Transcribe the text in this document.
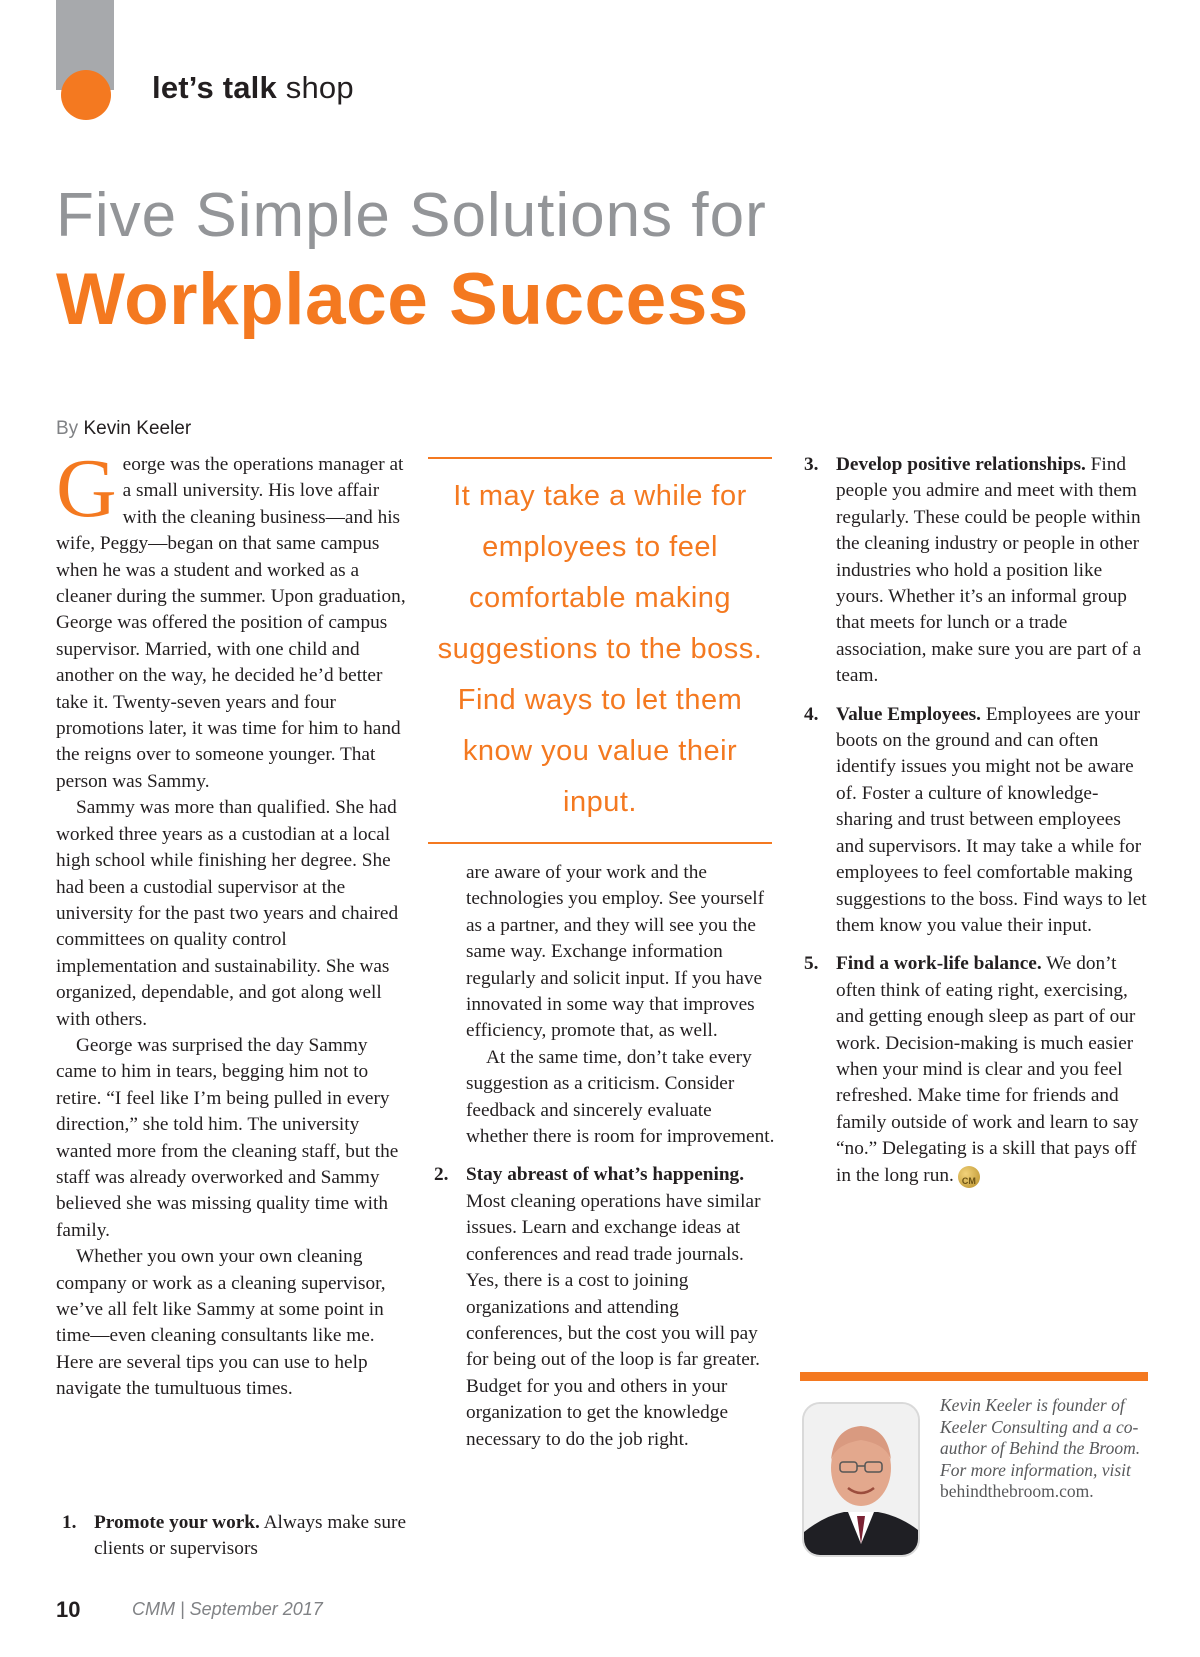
let’s talk shop
Five Simple Solutions for
Workplace Success
By Kevin Keeler

George was the operations manager at a small university. His love affair with the cleaning business—and his wife, Peggy—began on that same campus when he was a student and worked as a cleaner during the summer. Upon graduation, George was offered the position of campus supervisor. Married, with one child and another on the way, he decided he’d better take it. Twenty-seven years and four promotions later, it was time for him to hand the reigns over to someone younger. That person was Sammy.

Sammy was more than qualified. She had worked three years as a custodian at a local high school while finishing her degree. She had been a custodial supervisor at the university for the past two years and chaired committees on quality control implementation and sustainability. She was organized, dependable, and got along well with others.

George was surprised the day Sammy came to him in tears, begging him not to retire. “I feel like I’m being pulled in every direction,” she told him. The university wanted more from the cleaning staff, but the staff was already overworked and Sammy believed she was missing quality time with family.

Whether you own your own cleaning company or work as a cleaning supervisor, we’ve all felt like Sammy at some point in time—even cleaning consultants like me. Here are several tips you can use to help navigate the tumultuous times.

1. Promote your work. Always make sure clients or supervisors

It may take a while for employees to feel comfortable making suggestions to the boss. Find ways to let them know you value their input.

are aware of your work and the technologies you employ. See yourself as a partner, and they will see you the same way. Exchange information regularly and solicit input. If you have innovated in some way that improves efficiency, promote that, as well.

At the same time, don’t take every suggestion as a criticism. Consider feedback and sincerely evaluate whether there is room for improvement.

2. Stay abreast of what’s happening. Most cleaning operations have similar issues. Learn and exchange ideas at conferences and read trade journals. Yes, there is a cost to joining organizations and attending conferences, but the cost you will pay for being out of the loop is far greater. Budget for you and others in your organization to get the knowledge necessary to do the job right.

3. Develop positive relationships. Find people you admire and meet with them regularly. These could be people within the cleaning industry or people in other industries who hold a position like yours. Whether it’s an informal group that meets for lunch or a trade association, make sure you are part of a team.

4. Value Employees. Employees are your boots on the ground and can often identify issues you might not be aware of. Foster a culture of knowledge-sharing and trust between employees and supervisors. It may take a while for employees to feel comfortable making suggestions to the boss. Find ways to let them know you value their input.

5. Find a work-life balance. We don’t often think of eating right, exercising, and getting enough sleep as part of our work. Decision-making is much easier when your mind is clear and you feel refreshed. Make time for friends and family outside of work and learn to say “no.” Delegating is a skill that pays off in the long run. CM

Kevin Keeler is founder of Keeler Consulting and a co-author of Behind the Broom. For more information, visit behindthebroom.com.
10	CMM | September 2017
